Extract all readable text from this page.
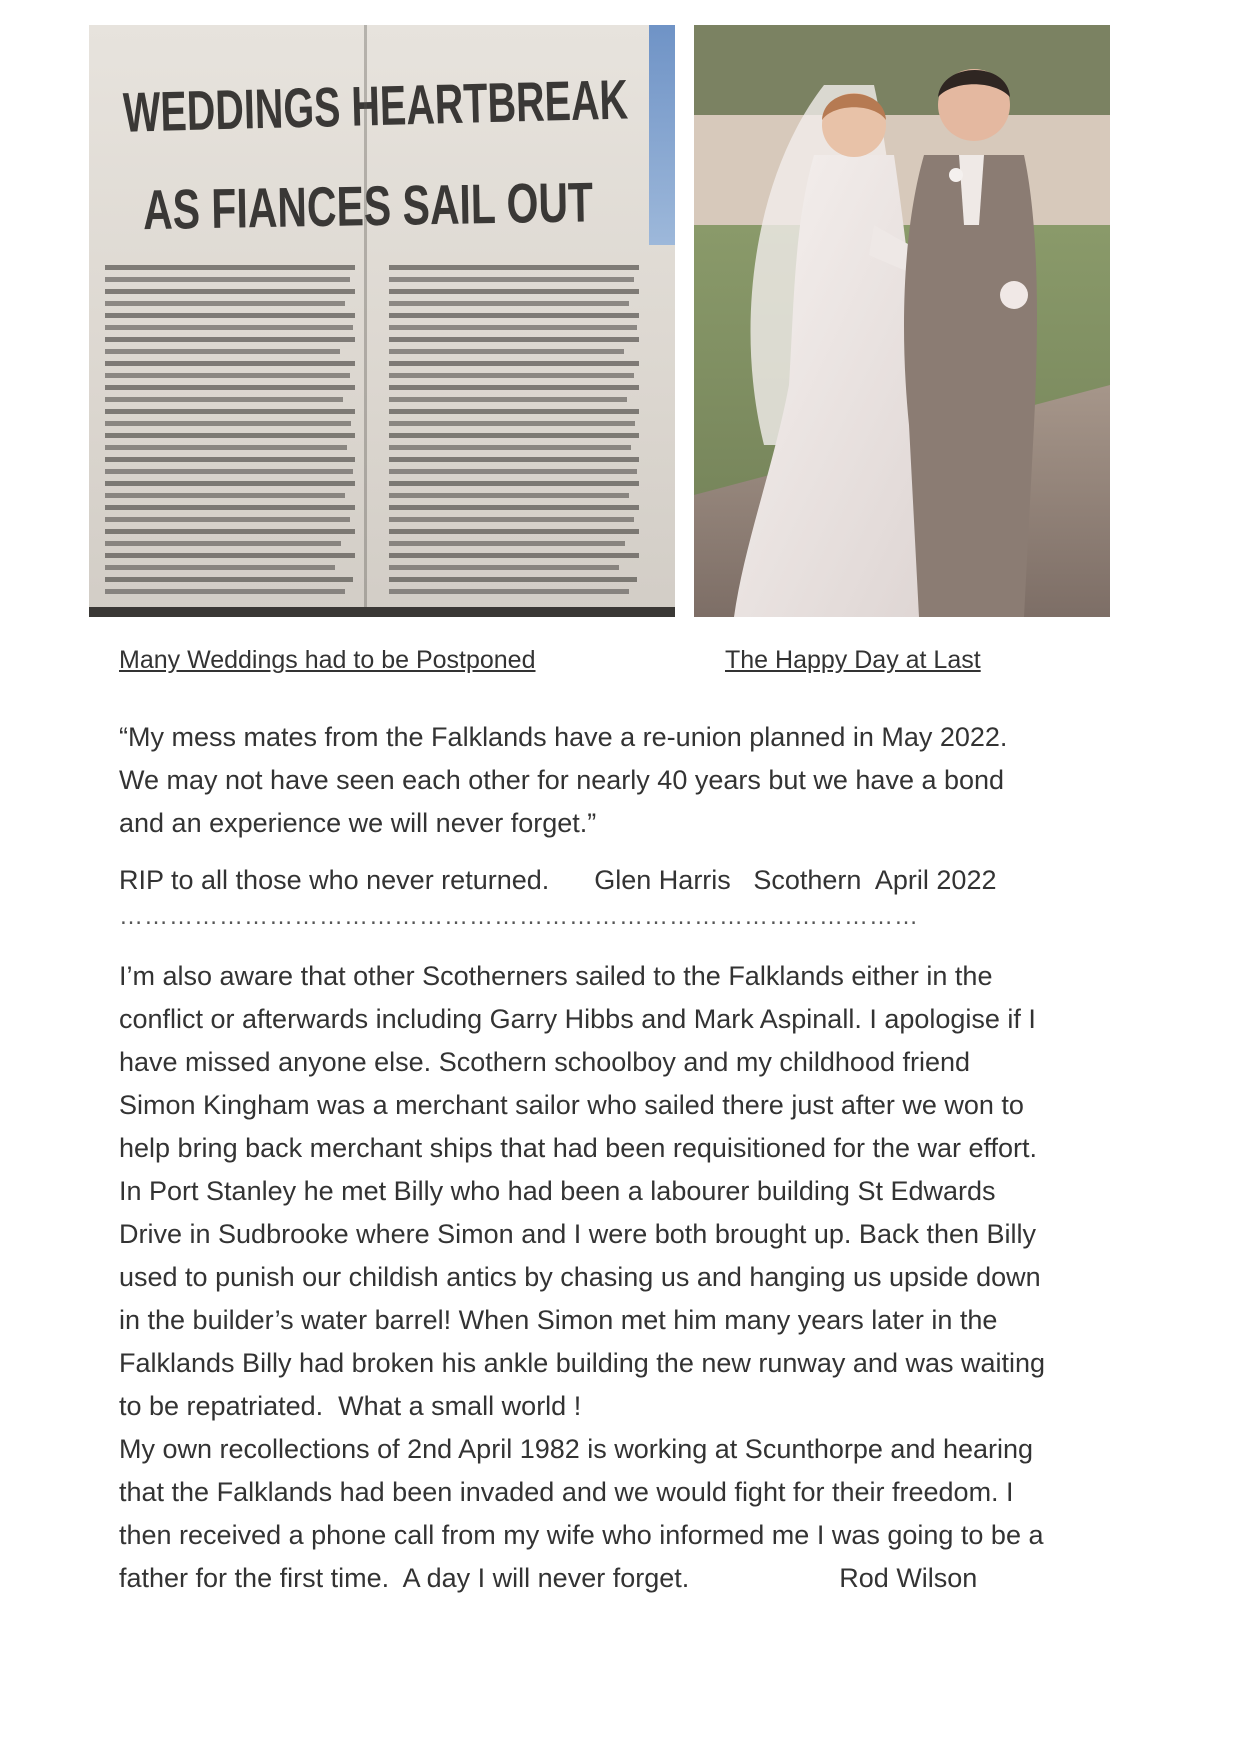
WEDDINGS HEARTBREAK
AS FIANCES SAIL OUT

Many Weddings had to be Postponed	The Happy Day at Last

“My mess mates from the Falklands have a re-union planned in May 2022.
We may not have seen each other for nearly 40 years but we have a bond
and an experience we will never forget.”
RIP to all those who never returned. Glen Harris Scothern April 2022
……………………………………………………………………………………
I’m also aware that other Scotherners sailed to the Falklands either in the
conflict or afterwards including Garry Hibbs and Mark Aspinall. I apologise if I
have missed anyone else. Scothern schoolboy and my childhood friend
Simon Kingham was a merchant sailor who sailed there just after we won to
help bring back merchant ships that had been requisitioned for the war effort.
In Port Stanley he met Billy who had been a labourer building St Edwards
Drive in Sudbrooke where Simon and I were both brought up. Back then Billy
used to punish our childish antics by chasing us and hanging us upside down
in the builder’s water barrel! When Simon met him many years later in the
Falklands Billy had broken his ankle building the new runway and was waiting
to be repatriated.  What a small world !
My own recollections of 2nd April 1982 is working at Scunthorpe and hearing
that the Falklands had been invaded and we would fight for their freedom. I
then received a phone call from my wife who informed me I was going to be a
father for the first time.  A day I will never forget.	Rod Wilson
